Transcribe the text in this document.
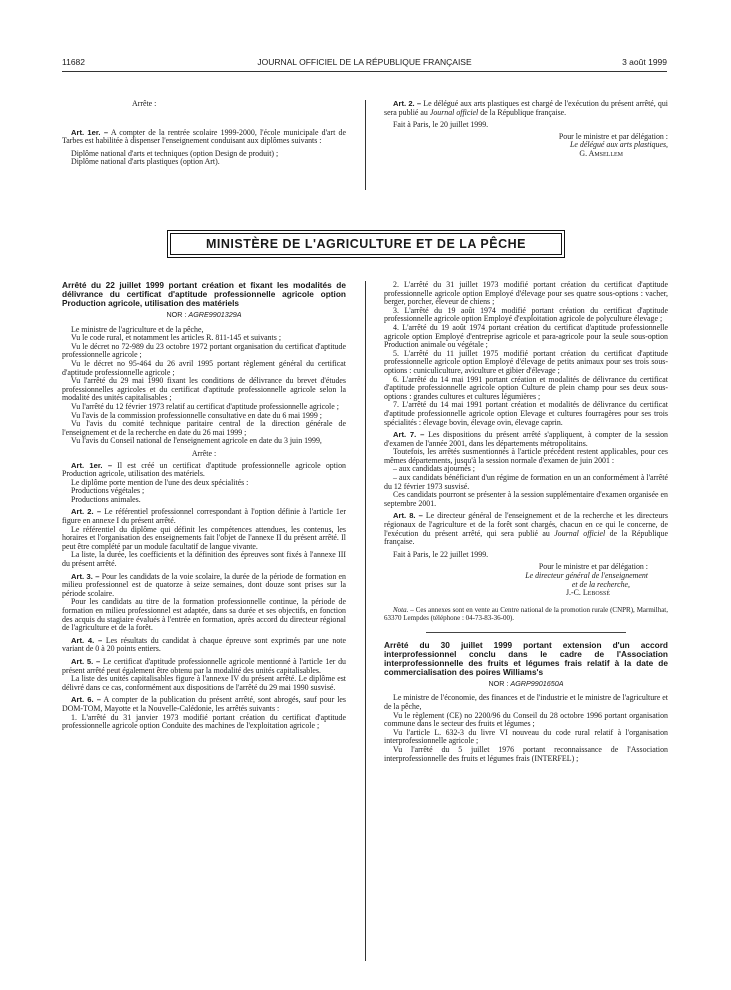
11682	JOURNAL OFFICIEL DE LA RÉPUBLIQUE FRANÇAISE	3 août 1999

Arrête :

Art. 1er. – A compter de la rentrée scolaire 1999-2000, l'école municipale d'art de Tarbes est habilitée à dispenser l'enseignement conduisant aux diplômes suivants :

Diplôme national d'arts et techniques (option Design de produit) ;

Diplôme national d'arts plastiques (option Art).

Art. 2. – Le délégué aux arts plastiques est chargé de l'exécution du présent arrêté, qui sera publié au Journal officiel de la République française.

Fait à Paris, le 20 juillet 1999.

Pour le ministre et par délégation :

Le délégué aux arts plastiques,

G. Amsellem

MINISTÈRE DE L'AGRICULTURE ET DE LA PÊCHE
Arrêté du 22 juillet 1999 portant création et fixant les modalités de délivrance du certificat d'aptitude professionnelle agricole option Production agricole, utilisation des matériels
NOR : AGRE9901329A

Le ministre de l'agriculture et de la pêche,

Vu le code rural, et notamment les articles R. 811-145 et suivants ;

Vu le décret no 72-989 du 23 octobre 1972 portant organisation du certificat d'aptitude professionnelle agricole ;

Vu le décret no 95-464 du 26 avril 1995 portant règlement général du certificat d'aptitude professionnelle agricole ;

Vu l'arrêté du 29 mai 1990 fixant les conditions de délivrance du brevet d'études professionnelles agricoles et du certificat d'aptitude professionnelle agricole selon la modalité des unités capitalisables ;

Vu l'arrêté du 12 février 1973 relatif au certificat d'aptitude professionnelle agricole ;

Vu l'avis de la commission professionnelle consultative en date du 6 mai 1999 ;

Vu l'avis du comité technique paritaire central de la direction générale de l'enseignement et de la recherche en date du 26 mai 1999 ;

Vu l'avis du Conseil national de l'enseignement agricole en date du 3 juin 1999,

Arrête :

Art. 1er. – Il est créé un certificat d'aptitude professionnelle agricole option Production agricole, utilisation des matériels.

Le diplôme porte mention de l'une des deux spécialités :

Productions végétales ;

Productions animales.

Art. 2. – Le référentiel professionnel correspondant à l'option définie à l'article 1er figure en annexe I du présent arrêté.

Le référentiel du diplôme qui définit les compétences attendues, les contenus, les horaires et l'organisation des enseignements fait l'objet de l'annexe II du présent arrêté. Il peut être complété par un module facultatif de langue vivante.

La liste, la durée, les coefficients et la définition des épreuves sont fixés à l'annexe III du présent arrêté.

Art. 3. – Pour les candidats de la voie scolaire, la durée de la période de formation en milieu professionnel est de quatorze à seize semaines, dont douze sont prises sur la période scolaire.

Pour les candidats au titre de la formation professionnelle continue, la période de formation en milieu professionnel est adaptée, dans sa durée et ses objectifs, en fonction des acquis du stagiaire évalués à l'entrée en formation, après accord du directeur régional de l'agriculture et de la forêt.

Art. 4. – Les résultats du candidat à chaque épreuve sont exprimés par une note variant de 0 à 20 points entiers.

Art. 5. – Le certificat d'aptitude professionnelle agricole mentionné à l'article 1er du présent arrêté peut également être obtenu par la modalité des unités capitalisables.

La liste des unités capitalisables figure à l'annexe IV du présent arrêté. Le diplôme est délivré dans ce cas, conformément aux dispositions de l'arrêté du 29 mai 1990 susvisé.

Art. 6. – A compter de la publication du présent arrêté, sont abrogés, sauf pour les DOM-TOM, Mayotte et la Nouvelle-Calédonie, les arrêtés suivants :

1. L'arrêté du 31 janvier 1973 modifié portant création du certificat d'aptitude professionnelle agricole option Conduite des machines de l'exploitation agricole ;

2. L'arrêté du 31 juillet 1973 modifié portant création du certificat d'aptitude professionnelle agricole option Employé d'élevage pour ses quatre sous-options : vacher, berger, porcher, éleveur de chiens ;

3. L'arrêté du 19 août 1974 modifié portant création du certificat d'aptitude professionnelle agricole option Employé d'exploitation agricole de polyculture élevage ;

4. L'arrêté du 19 août 1974 portant création du certificat d'aptitude professionnelle agricole option Employé d'entreprise agricole et para-agricole pour la seule sous-option Production animale ou végétale ;

5. L'arrêté du 11 juillet 1975 modifié portant création du certificat d'aptitude professionnelle agricole option Employé d'élevage de petits animaux pour ses trois sous-options : cuniculiculture, aviculture et gibier d'élevage ;

6. L'arrêté du 14 mai 1991 portant création et modalités de délivrance du certificat d'aptitude professionnelle agricole option Culture de plein champ pour ses deux sous-options : grandes cultures et cultures légumières ;

7. L'arrêté du 14 mai 1991 portant création et modalités de délivrance du certificat d'aptitude professionnelle agricole option Elevage et cultures fourragères pour ses trois spécialités : élevage bovin, élevage ovin, élevage caprin.

Art. 7. – Les dispositions du présent arrêté s'appliquent, à compter de la session d'examen de l'année 2001, dans les départements métropolitains.

Toutefois, les arrêtés susmentionnés à l'article précédent restent applicables, pour ces mêmes départements, jusqu'à la session normale d'examen de juin 2001 :

– aux candidats ajournés ;

– aux candidats bénéficiant d'un régime de formation en un an conformément à l'arrêté du 12 février 1973 susvisé.

Ces candidats pourront se présenter à la session supplémentaire d'examen organisée en septembre 2001.

Art. 8. – Le directeur général de l'enseignement et de la recherche et les directeurs régionaux de l'agriculture et de la forêt sont chargés, chacun en ce qui le concerne, de l'exécution du présent arrêté, qui sera publié au Journal officiel de la République française.

Fait à Paris, le 22 juillet 1999.

Pour le ministre et par délégation :

Le directeur général de l'enseignement

et de la recherche,

J.-C. Lebossé

Nota. – Ces annexes sont en vente au Centre national de la promotion rurale (CNPR), Marmilhat, 63370 Lempdes (téléphone : 04-73-83-36-00).

Arrêté du 30 juillet 1999 portant extension d'un accord interprofessionnel conclu dans le cadre de l'Association interprofessionnelle des fruits et légumes frais relatif à la date de commercialisation des poires Williams's
NOR : AGRP9901650A

Le ministre de l'économie, des finances et de l'industrie et le ministre de l'agriculture et de la pêche,

Vu le règlement (CE) no 2200/96 du Conseil du 28 octobre 1996 portant organisation commune dans le secteur des fruits et légumes ;

Vu l'article L. 632-3 du livre VI nouveau du code rural relatif à l'organisation interprofessionnelle agricole ;

Vu l'arrêté du 5 juillet 1976 portant reconnaissance de l'Association interprofessionnelle des fruits et légumes frais (INTERFEL) ;
